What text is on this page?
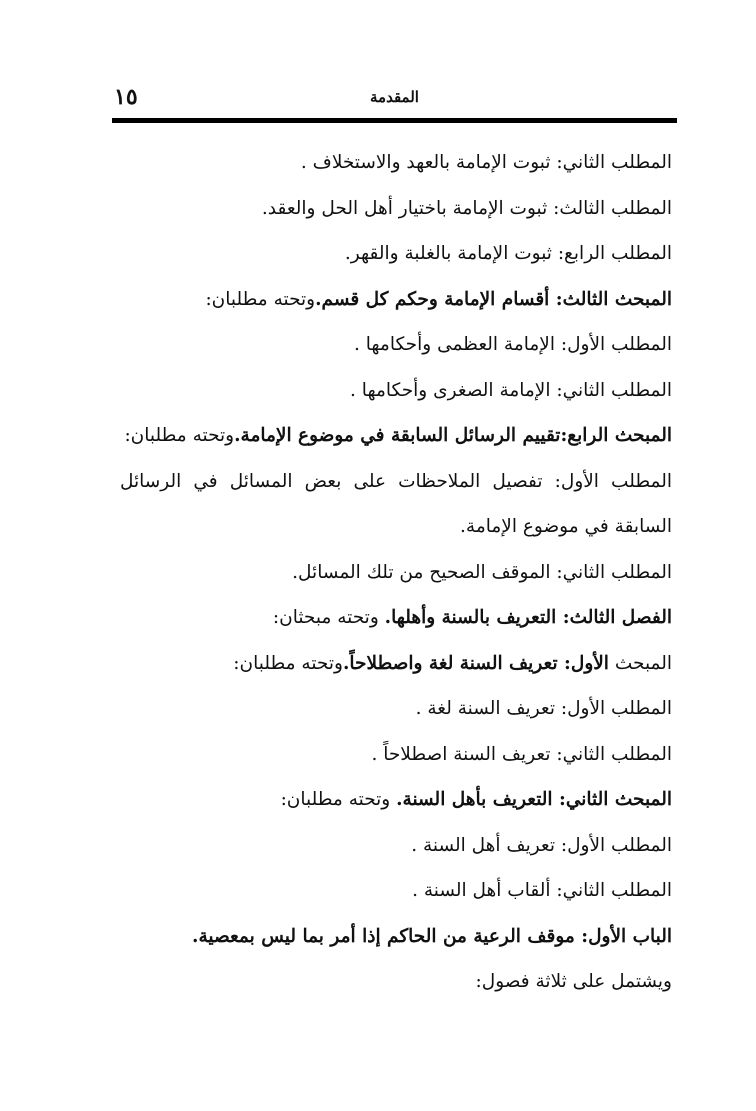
١٥	المقدمة
المطلب الثاني: ثبوت الإمامة بالعهد والاستخلاف .
المطلب الثالث: ثبوت الإمامة باختيار أهل الحل والعقد.
المطلب الرابع: ثبوت الإمامة بالغلبة والقهر.
المبحث الثالث: أقسام الإمامة وحكم كل قسم.وتحته مطلبان:
المطلب الأول: الإمامة العظمى وأحكامها .
المطلب الثاني: الإمامة الصغرى وأحكامها .
المبحث الرابع:تقييم الرسائل السابقة في موضوع الإمامة.وتحته مطلبان:
المطلب الأول: تفصيل الملاحظات على بعض المسائل في الرسائل
السابقة في موضوع الإمامة.
المطلب الثاني: الموقف الصحيح من تلك المسائل.
الفصل الثالث: التعريف بالسنة وأهلها. وتحته مبحثان:
المبحث الأول: تعريف السنة لغة واصطلاحاً.وتحته مطلبان:
المطلب الأول: تعريف السنة لغة .
المطلب الثاني: تعريف السنة اصطلاحاً .
المبحث الثاني: التعريف بأهل السنة. وتحته مطلبان:
المطلب الأول: تعريف أهل السنة .
المطلب الثاني: ألقاب أهل السنة .
الباب الأول: موقف الرعية من الحاكم إذا أمر بما ليس بمعصية.
ويشتمل على ثلاثة فصول:
